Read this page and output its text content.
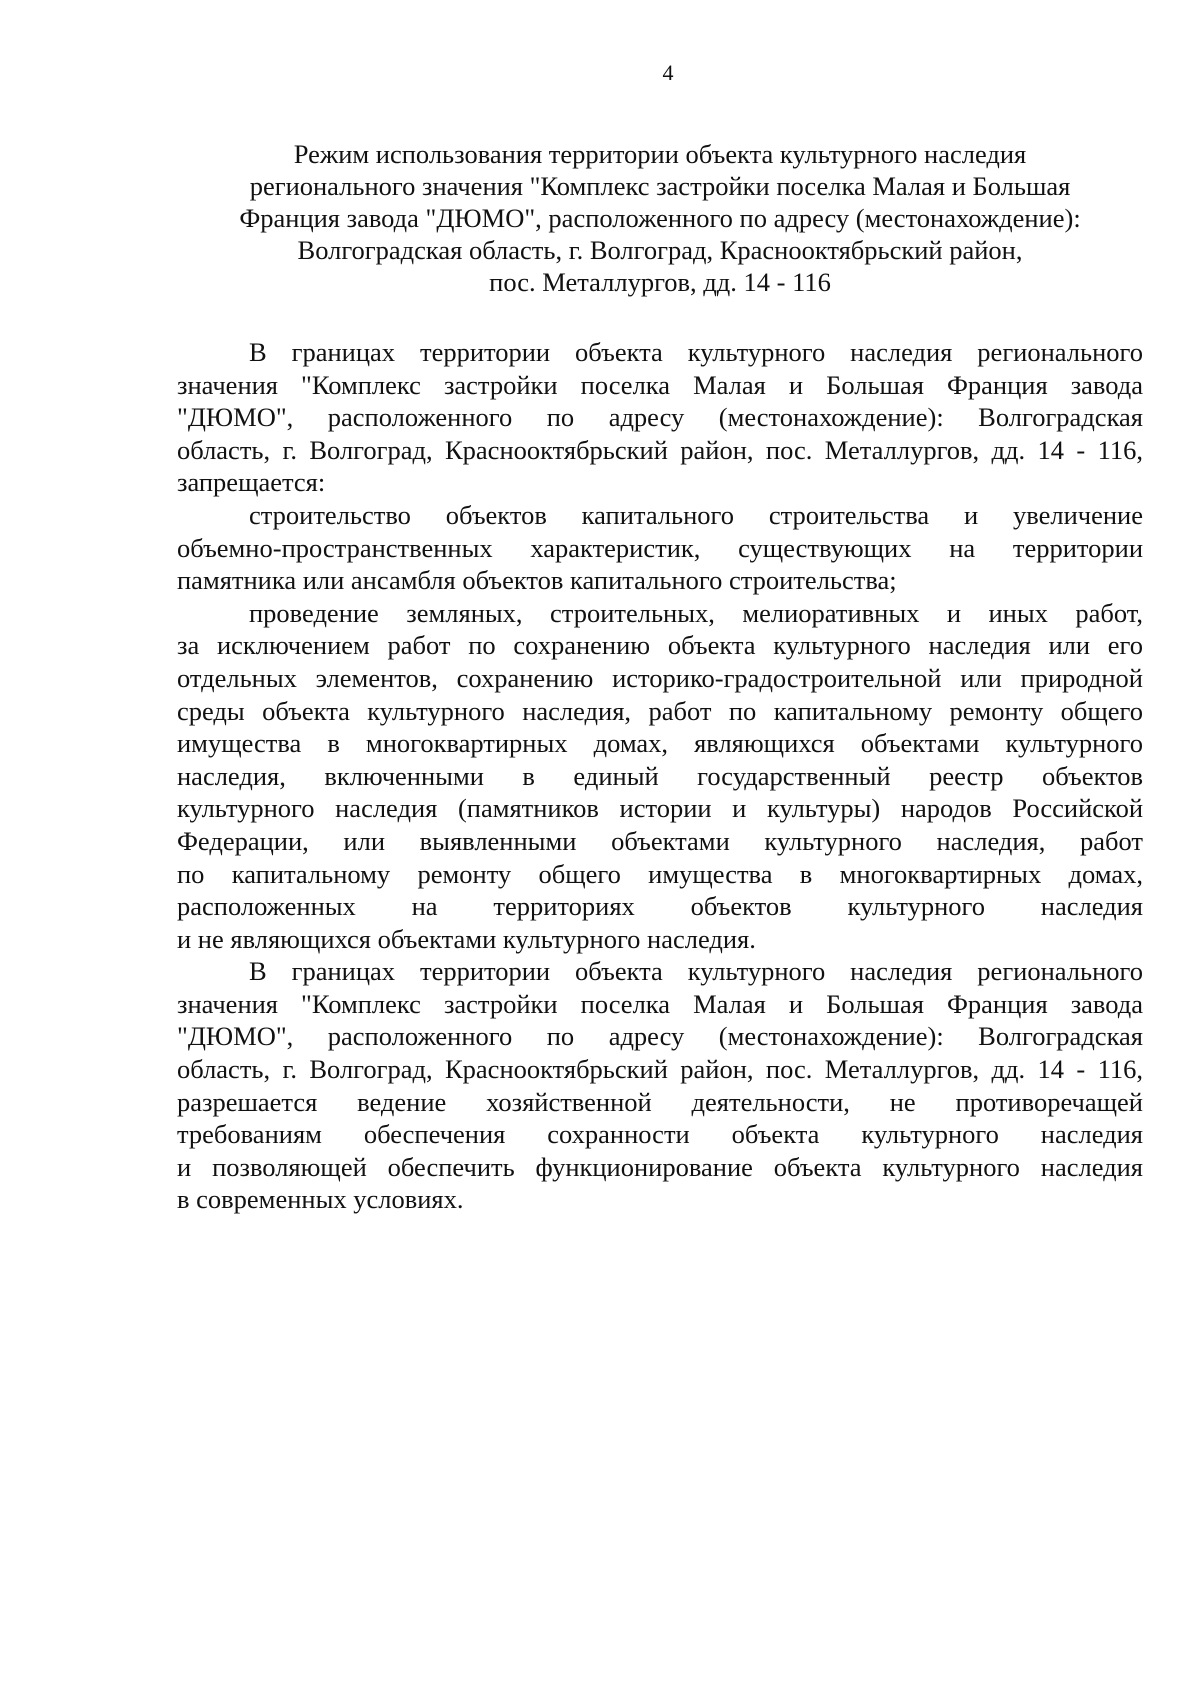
4
Режим использования территории объекта культурного наследия
регионального значения "Комплекс застройки поселка Малая и Большая
Франция завода "ДЮМО", расположенного по адресу (местонахождение):
Волгоградская область, г. Волгоград, Краснооктябрьский район,
пос. Металлургов, дд. 14 - 116
В границах территории объекта культурного наследия регионального
значения "Комплекс застройки поселка Малая и Большая Франция завода
"ДЮМО", расположенного по адресу (местонахождение): Волгоградская
область, г. Волгоград, Краснооктябрьский район, пос. Металлургов, дд. 14 - 116,
запрещается:
строительство объектов капитального строительства и увеличение
объемно-пространственных характеристик, существующих на территории
памятника или ансамбля объектов капитального строительства;
проведение земляных, строительных, мелиоративных и иных работ,
за исключением работ по сохранению объекта культурного наследия или его
отдельных элементов, сохранению историко-градостроительной или природной
среды объекта культурного наследия, работ по капитальному ремонту общего
имущества в многоквартирных домах, являющихся объектами культурного
наследия, включенными в единый государственный реестр объектов
культурного наследия (памятников истории и культуры) народов Российской
Федерации, или выявленными объектами культурного наследия, работ
по капитальному ремонту общего имущества в многоквартирных домах,
расположенных на территориях объектов культурного наследия
и не являющихся объектами культурного наследия.
В границах территории объекта культурного наследия регионального
значения "Комплекс застройки поселка Малая и Большая Франция завода
"ДЮМО", расположенного по адресу (местонахождение): Волгоградская
область, г. Волгоград, Краснооктябрьский район, пос. Металлургов, дд. 14 - 116,
разрешается ведение хозяйственной деятельности, не противоречащей
требованиям обеспечения сохранности объекта культурного наследия
и позволяющей обеспечить функционирование объекта культурного наследия
в современных условиях.
